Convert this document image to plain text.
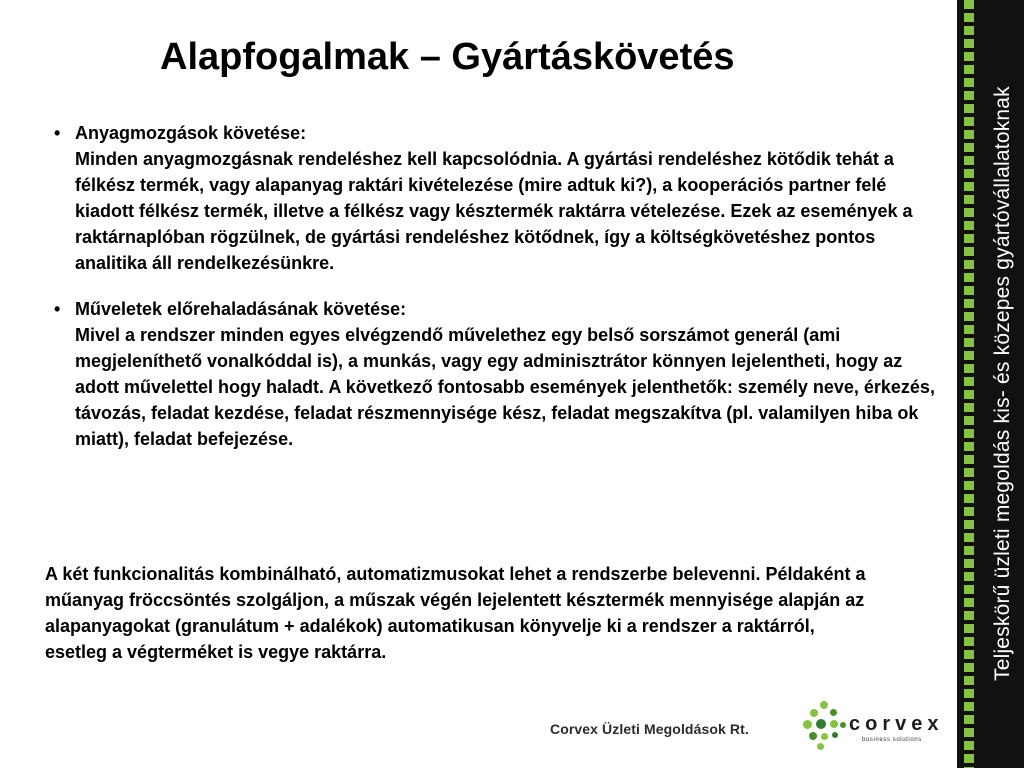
Alapfogalmak – Gyártáskövetés
• Anyagmozgások követése:
Minden anyagmozgásnak rendeléshez kell kapcsolódnia. A gyártási rendeléshez kötődik tehát a félkész termék, vagy alapanyag raktári kivételezése (mire adtuk ki?), a kooperációs partner felé kiadott félkész termék, illetve a félkész vagy késztermék raktárra vételezése. Ezek az események a raktárnaplóban rögzülnek, de gyártási rendeléshez kötődnek, így a költségkövetéshez pontos analitika áll rendelkezésünkre.
• Műveletek előrehaladásának követése:
Mivel a rendszer minden egyes elvégzendő művelethez egy belső sorszámot generál (ami megjeleníthető vonalkóddal is), a munkás, vagy egy adminisztrátor könnyen lejelentheti, hogy az adott művelettel hogy haladt. A következő fontosabb események jelenthetők: személy neve, érkezés, távozás, feladat kezdése, feladat részmennyisége kész, feladat megszakítva (pl. valamilyen hiba ok miatt), feladat befejezése.

A két funkcionalitás kombinálható, automatizmusokat lehet a rendszerbe belevenni. Példaként a műanyag fröccsöntés szolgáljon, a műszak végén lejelentett késztermék mennyisége alapján az alapanyagokat (granulátum + adalékok) automatikusan könyvelje ki a rendszer a raktárról, esetleg a végterméket is vegye raktárra.

Corvex Üzleti Megoldások Rt.	corvex
business solutions
Teljeskörű üzleti megoldás kis- és közepes gyártóvállalatoknak
